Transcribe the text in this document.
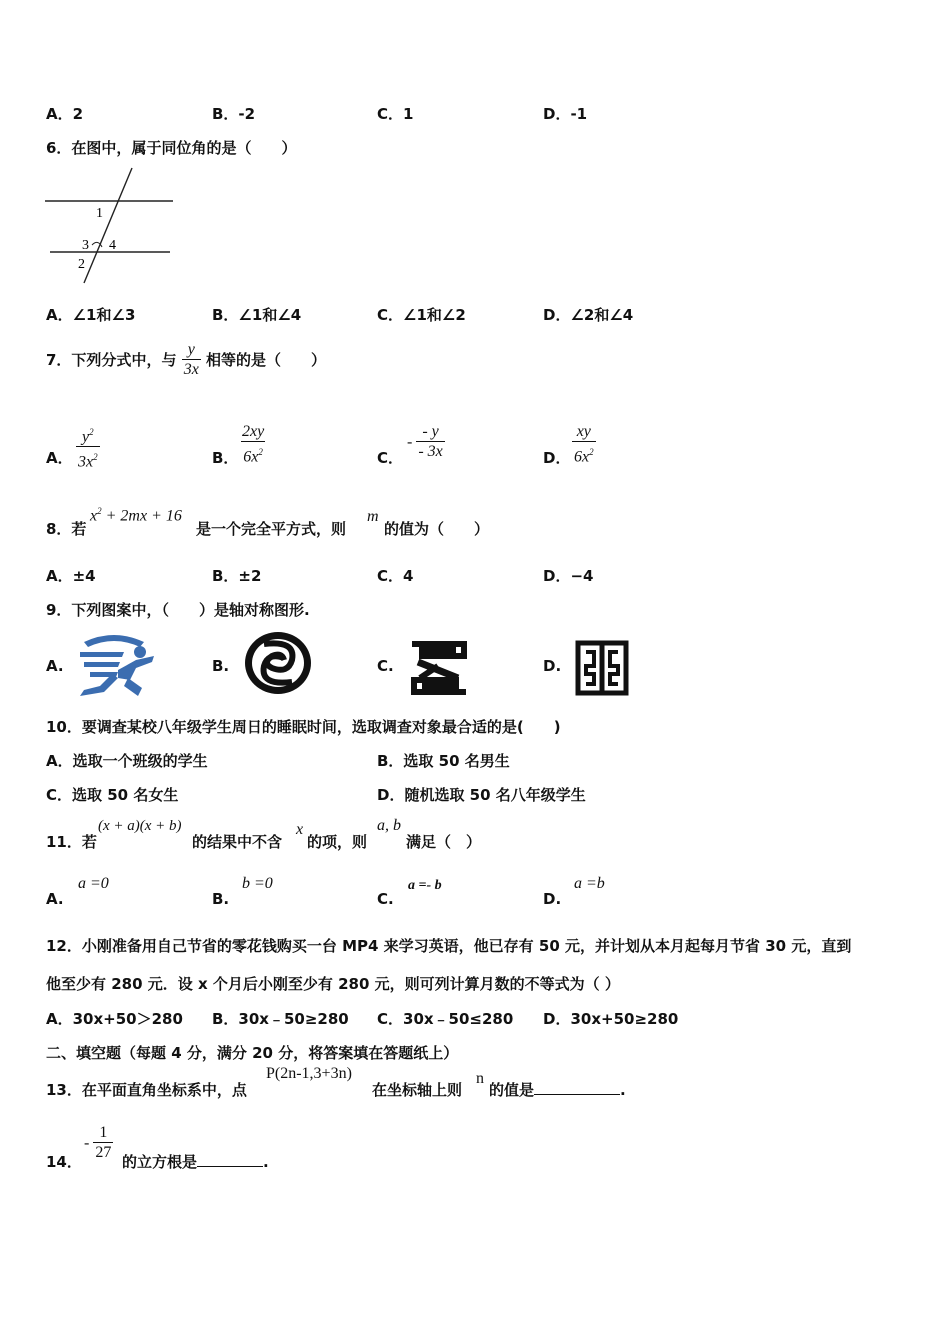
A．2	B．-2	C．1	D．-1
6．在图中，属于同位角的是（　　）
1
3 4
2
A．∠1和∠3	B．∠1和∠4	C．∠1和∠2	D．∠2和∠4
7．下列分式中，与 $\frac{y}{3x}$ 相等的是（　　）
A． $\frac{y^2}{3x^2}$	B． $\frac{2xy}{6x^2}$	C．
- $\frac{- y}{- 3x}$	D． $\frac{xy}{6x^2}$
8．若
$x^2 + 2mx + 16$
是一个完全平方式，则
m
的值为（　　）
A．±4	B．±2	C．4	D．−4
9．下列图案中，（　　）是轴对称图形.
A.	B.	C.	D.
10．要调查某校八年级学生周日的睡眠时间，选取调查对象最合适的是(　　)
A．选取一个班级的学生	B．选取 50 名男生
C．选取 50 名女生	D．随机选取 50 名八年级学生
11．若
(x + a)(x + b)
的结果中不含
x
的项，则
a, b
满足（　）
A.
a =0
B.
b =0
C.
a =- b
D.
a =b
12．小刚准备用自己节省的零花钱购买一台 MP4 来学习英语，他已存有 50 元，并计划从本月起每月节省 30 元，直到
他至少有 280 元．设 x 个月后小刚至少有 280 元，则可列计算月数的不等式为（ ）
A．30x+50＞280 B．30x﹣50≥280 C．30x﹣50≤280 D．30x+50≥280
二、填空题（每题 4 分，满分 20 分，将答案填在答题纸上）
13．在平面直角坐标系中，点
P(2n-1,3+3n)
在坐标轴上则
n
的值是	.
14．
- $\frac{1}{27}$ 的立方根是	.
